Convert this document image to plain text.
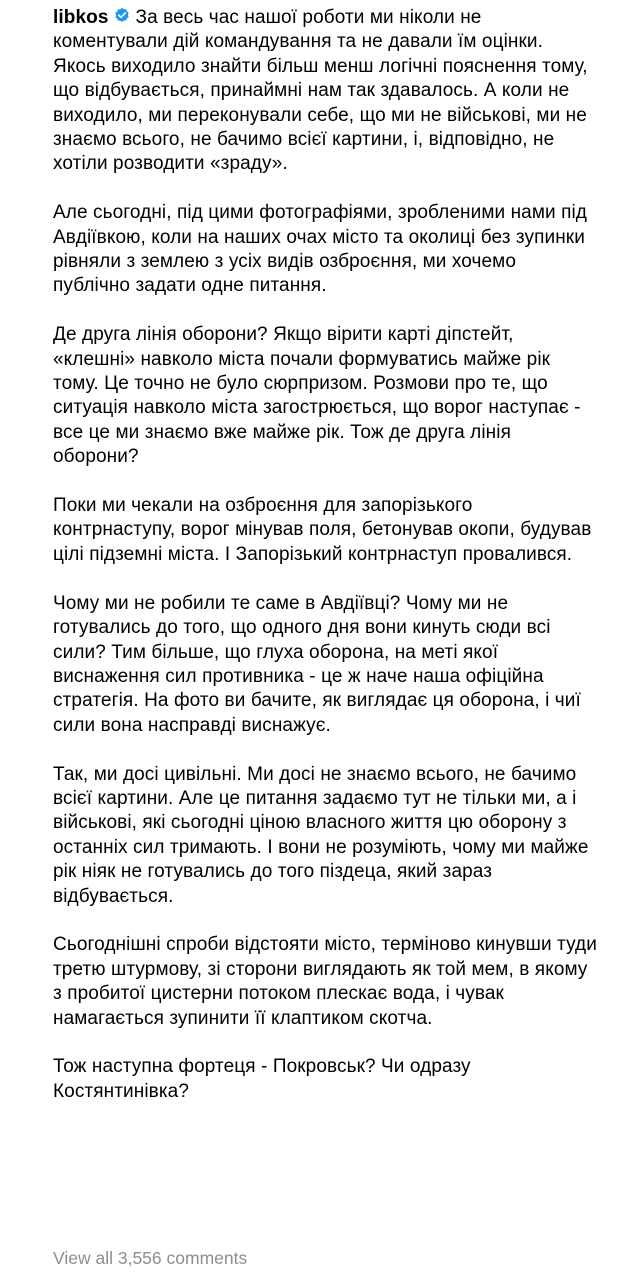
libkos За весь час нашої роботи ми ніколи не коментували дій командування та не давали їм оцінки. Якось виходило знайти більш менш логічні пояснення тому, що відбувається, принаймні нам так здавалось. А коли не виходило, ми переконували себе, що ми не військові, ми не знаємо всього, не бачимо всієї картини, і, відповідно, не хотіли розводити «зраду».

Але сьогодні, під цими фотографіями, зробленими нами під Авдіївкою, коли на наших очах місто та околиці без зупинки рівняли з землею з усіх видів озброєння, ми хочемо публічно задати одне питання.

Де друга лінія оборони? Якщо вірити карті діпстейт, «клешні» навколо міста почали формуватись майже рік тому. Це точно не було сюрпризом. Розмови про те, що ситуація навколо міста загострюється, що ворог наступає - все це ми знаємо вже майже рік. Тож де друга лінія оборони?

Поки ми чекали на озброєння для запорізького контрнаступу, ворог мінував поля, бетонував окопи, будував цілі підземні міста. І Запорізький контрнаступ провалився.

Чому ми не робили те саме в Авдіївці? Чому ми не готувались до того, що одного дня вони кинуть сюди всі сили? Тим більше, що глуха оборона, на меті якої виснаження сил противника - це ж наче наша офіційна стратегія. На фото ви бачите, як виглядає ця оборона, і чиї сили вона насправді виснажує.

Так, ми досі цивільні. Ми досі не знаємо всього, не бачимо всієї картини. Але це питання задаємо тут не тільки ми, а і військові, які сьогодні ціною власного життя цю оборону з останніх сил тримають. І вони не розуміють, чому ми майже рік ніяк не готувались до того піздеца, який зараз відбувається.

Сьогоднішні спроби відстояти місто, терміново кинувши туди третю штурмову, зі сторони виглядають як той мем, в якому з пробитої цистерни потоком плескає вода, і чувак намагається зупинити її клаптиком скотча.

Тож наступна фортеця - Покровськ? Чи одразу Костянтинівка?

View all 3,556 comments
